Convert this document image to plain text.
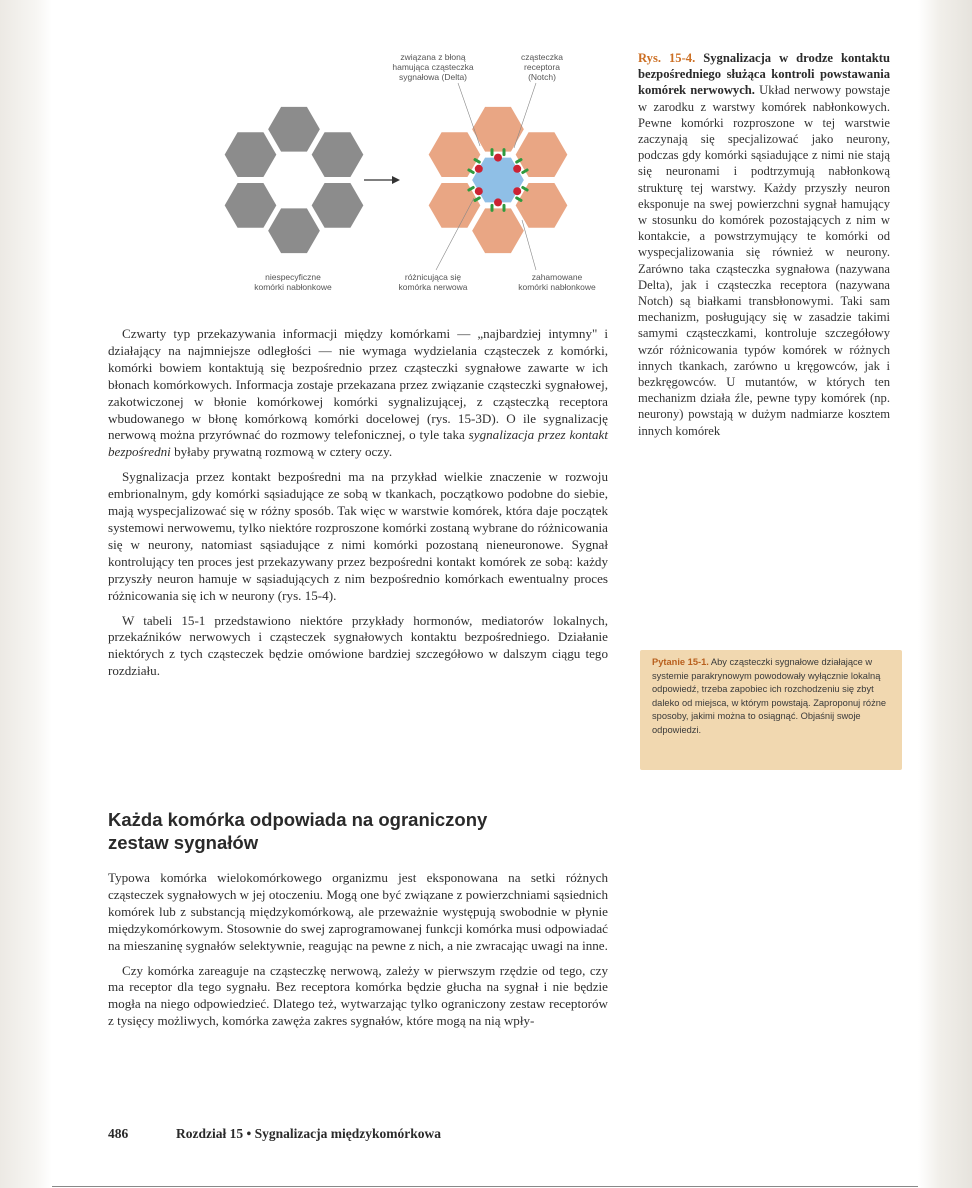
związana z błoną
hamująca cząsteczka
sygnałowa (Delta)
cząsteczka
receptora
(Notch)
niespecyficzne
komórki nabłonkowe
różnicująca się
komórka nerwowa
zahamowane
komórki nabłonkowe
Rys. 15-4. Sygnalizacja w drodze kontaktu bezpośredniego służąca kontroli powstawania komórek nerwowych. Układ nerwowy powstaje w zarodku z warstwy komórek nabłonkowych. Pewne komórki rozproszone w tej warstwie zaczynają się specjalizować jako neurony, podczas gdy komórki sąsiadujące z nimi nie stają się neuronami i podtrzymują nabłonkową strukturę tej warstwy. Każdy przyszły neuron eksponuje na swej powierzchni sygnał hamujący w stosunku do komórek pozostających z nim w kontakcie, a powstrzymujący te komórki od wyspecjalizowania się również w neurony. Zarówno taka cząsteczka sygnałowa (nazywana Delta), jak i cząsteczka receptora (nazywana Notch) są białkami transbłonowymi. Taki sam mechanizm, posługujący się w zasadzie takimi samymi cząsteczkami, kontroluje szczegółowy wzór różnicowania typów komórek w różnych innych tkankach, zarówno u kręgowców, jak i bezkręgowców. U mutantów, w których ten mechanizm działa źle, pewne typy komórek (np. neurony) powstają w dużym nadmiarze kosztem innych komórek

Czwarty typ przekazywania informacji między komórkami — „najbardziej intymny" i działający na najmniejsze odległości — nie wymaga wydzielania cząsteczek z komórki, komórki bowiem kontaktują się bezpośrednio przez cząsteczki sygnałowe zawarte w ich błonach komórkowych. Informacja zostaje przekazana przez związanie cząsteczki sygnałowej, zakotwiczonej w błonie komórkowej komórki sygnalizującej, z cząsteczką receptora wbudowanego w błonę komórkową komórki docelowej (rys. 15-3D). O ile sygnalizację nerwową można przyrównać do rozmowy telefonicznej, o tyle taka sygnalizacja przez kontakt bezpośredni byłaby prywatną rozmową w cztery oczy.

Sygnalizacja przez kontakt bezpośredni ma na przykład wielkie znaczenie w rozwoju embrionalnym, gdy komórki sąsiadujące ze sobą w tkankach, początkowo podobne do siebie, mają wyspecjalizować się w różny sposób. Tak więc w warstwie komórek, która daje początek systemowi nerwowemu, tylko niektóre rozproszone komórki zostaną wybrane do różnicowania się w neurony, natomiast sąsiadujące z nimi komórki pozostaną nieneuronowe. Sygnał kontrolujący ten proces jest przekazywany przez bezpośredni kontakt komórek ze sobą: każdy przyszły neuron hamuje w sąsiadujących z nim bezpośrednio komórkach ewentualny proces różnicowania się ich w neurony (rys. 15-4).

W tabeli 15-1 przedstawiono niektóre przykłady hormonów, mediatorów lokalnych, przekaźników nerwowych i cząsteczek sygnałowych kontaktu bezpośredniego. Działanie niektórych z tych cząsteczek będzie omówione bardziej szczegółowo w dalszym ciągu tego rozdziału.

Każda komórka odpowiada na ograniczony zestaw sygnałów

Typowa komórka wielokomórkowego organizmu jest eksponowana na setki różnych cząsteczek sygnałowych w jej otoczeniu. Mogą one być związane z powierzchniami sąsiednich komórek lub z substancją międzykomórkową, ale przeważnie występują swobodnie w płynie międzykomórkowym. Stosownie do swej zaprogramowanej funkcji komórka musi odpowiadać na mieszaninę sygnałów selektywnie, reagując na pewne z nich, a nie zwracając uwagi na inne.

Czy komórka zareaguje na cząsteczkę nerwową, zależy w pierwszym rzędzie od tego, czy ma receptor dla tego sygnału. Bez receptora komórka będzie głucha na sygnał i nie będzie mogła na niego odpowiedzieć. Dlatego też, wytwarzając tylko ograniczony zestaw receptorów z tysięcy możliwych, komórka zawęża zakres sygnałów, które mogą na nią wpły-

Pytanie 15-1. Aby cząsteczki sygnałowe działające w systemie parakrynowym powodowały wyłącznie lokalną odpowiedź, trzeba zapobiec ich rozchodzeniu się zbyt daleko od miejsca, w którym powstają. Zaproponuj różne sposoby, jakimi można to osiągnąć. Objaśnij swoje odpowiedzi.
486	Rozdział 15 • Sygnalizacja międzykomórkowa
